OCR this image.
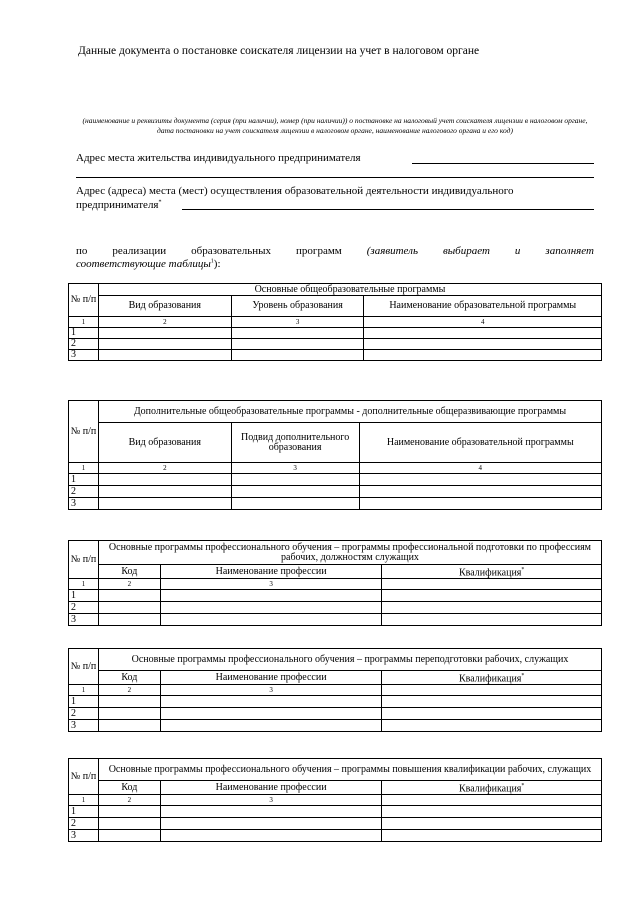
Данные документа о постановке соискателя лицензии на учет в налоговом органе
(наименование и реквизиты документа (серия (при наличии), номер (при наличии)) о постановке на налоговый учет соискателя лицензии в налоговом органе, дата постановки на учет соискателя лицензии в налоговом органе, наименование налогового органа и его код)
Адрес места жительства индивидуального предпринимателя
Адрес (адреса) места (мест) осуществления образовательной деятельности индивидуального
предпринимателя*
по реализации образовательных программ (заявитель выбирает и заполняет
соответствующие таблицы$^1$):
№ п/п	Основные общеобразовательные программы		
	Вид образования	Уровень образования	Наименование образовательной программы
1	2	3	4
1			
2			
3			
№ п/п	Дополнительные общеобразовательные программы - дополнительные общеразвивающие программы		
	Вид образования	Подвид дополнительного образования	Наименование образовательной программы
1	2	3	4
1			
2			
3			
№ п/п	Основные программы профессионального обучения – программы профессиональной подготовки по профессиям рабочих, должностям служащих		
	Код	Наименование профессии	Квалификация*
1	2	3	
1			
2			
3			
№ п/п	Основные программы профессионального обучения – программы переподготовки рабочих, служащих		
	Код	Наименование профессии	Квалификация*
1	2	3	
1			
2			
3			
№ п/п	Основные программы профессионального обучения – программы повышения квалификации рабочих, служащих		
	Код	Наименование профессии	Квалификация*
1	2	3	
1			
2			
3			
